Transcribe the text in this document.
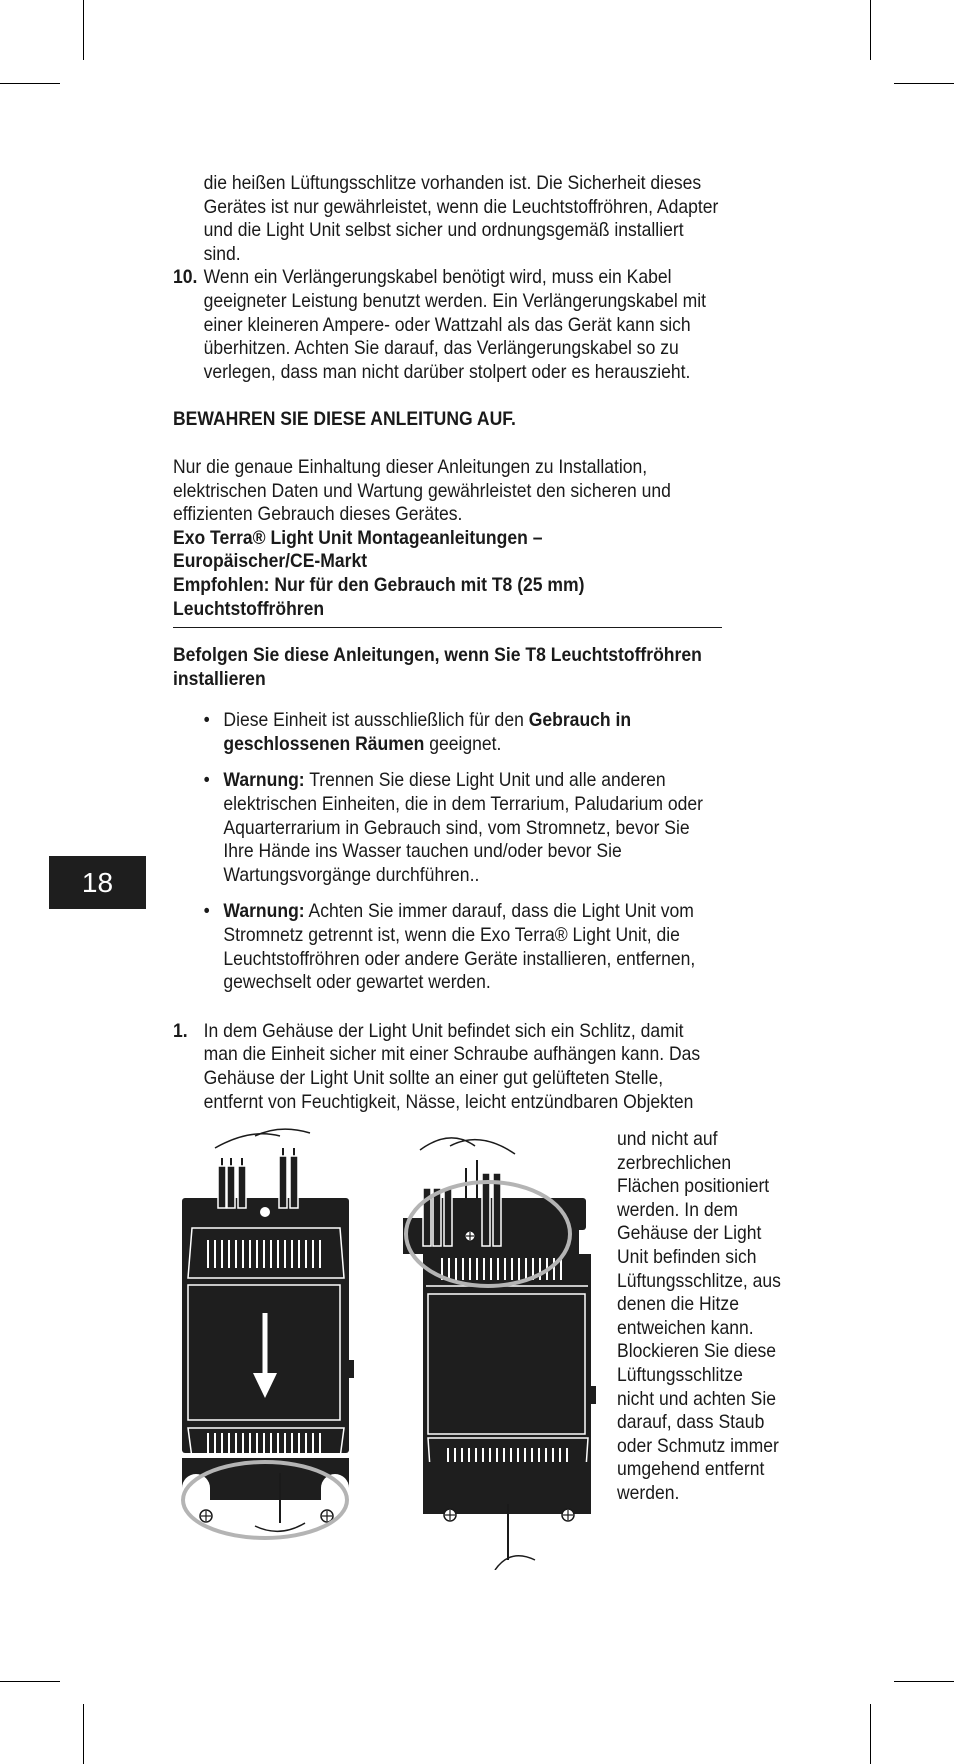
18

die heißen Lüftungsschlitze vorhanden ist. Die Sicherheit dieses Gerätes ist nur gewährleistet, wenn die Leuchtstoffröhren, Adapter und die Light Unit selbst sicher und ordnungsgemäß installiert sind.

10. Wenn ein Verlängerungskabel benötigt wird, muss ein Kabel geeigneter Leistung benutzt werden. Ein Verlängerungskabel mit einer kleineren Ampere- oder Wattzahl als das Gerät kann sich überhitzen. Achten Sie darauf, das Verlängerungskabel so zu verlegen, dass man nicht darüber stolpert oder es herauszieht.

BEWAHREN SIE DIESE ANLEITUNG AUF.

Nur die genaue Einhaltung dieser Anleitungen zu Installation, elektrischen Daten und Wartung gewährleistet den sicheren und effizienten Gebrauch dieses Gerätes.

Exo Terra® Light Unit Montageanleitungen –

Europäischer/CE-Markt

Empfohlen: Nur für den Gebrauch mit T8 (25 mm)

Leuchtstoffröhren

Befolgen Sie diese Anleitungen, wenn Sie T8 Leuchtstoffröhren installieren

• Diese Einheit ist ausschließlich für den Gebrauch in geschlossenen Räumen geeignet.
• Warnung: Trennen Sie diese Light Unit und alle anderen elektrischen Einheiten, die in dem Terrarium, Paludarium oder Aquarterrarium in Gebrauch sind, vom Stromnetz, bevor Sie Ihre Hände ins Wasser tauchen und/oder bevor Sie Wartungsvorgänge durchführen..
• Warnung: Achten Sie immer darauf, dass die Light Unit vom Stromnetz getrennt ist, wenn die Exo Terra® Light Unit, die Leuchtstoffröhren oder andere Geräte installieren, entfernen, gewechselt oder gewartet werden.
1. In dem Gehäuse der Light Unit befindet sich ein Schlitz, damit man die Einheit sicher mit einer Schraube aufhängen kann. Das Gehäuse der Light Unit sollte an einer gut gelüfteten Stelle, entfernt von Feuchtigkeit, Nässe, leicht entzündbaren Objekten
und nicht auf zerbrechlichen Flächen positioniert werden. In dem Gehäuse der Light Unit befinden sich Lüftungsschlitze, aus denen die Hitze entweichen kann. Blockieren Sie diese Lüftungsschlitze nicht und achten Sie darauf, dass Staub oder Schmutz immer umgehend entfernt werden.
